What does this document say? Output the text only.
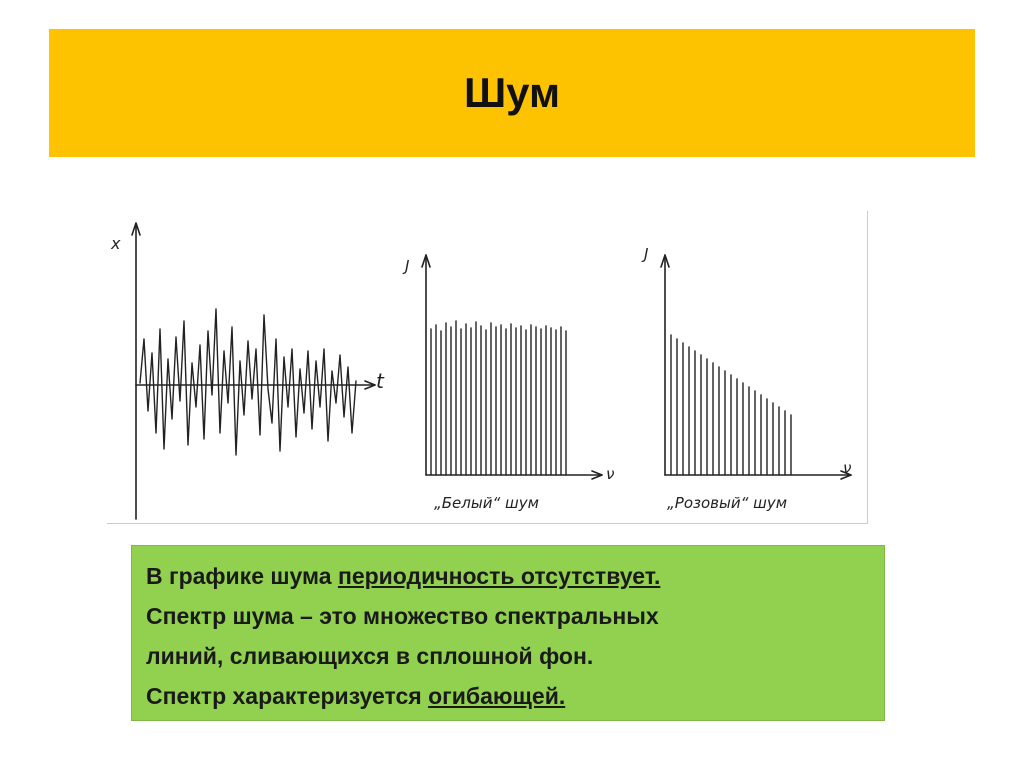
Шум
x
t
J
ν
„Белый“ шум
J
ν
„Розовый“ шум

В графике шума периодичность отсутствует.

Спектр шума – это множество спектральных

линий, сливающихся в сплошной фон.

Спектр характеризуется огибающей.
